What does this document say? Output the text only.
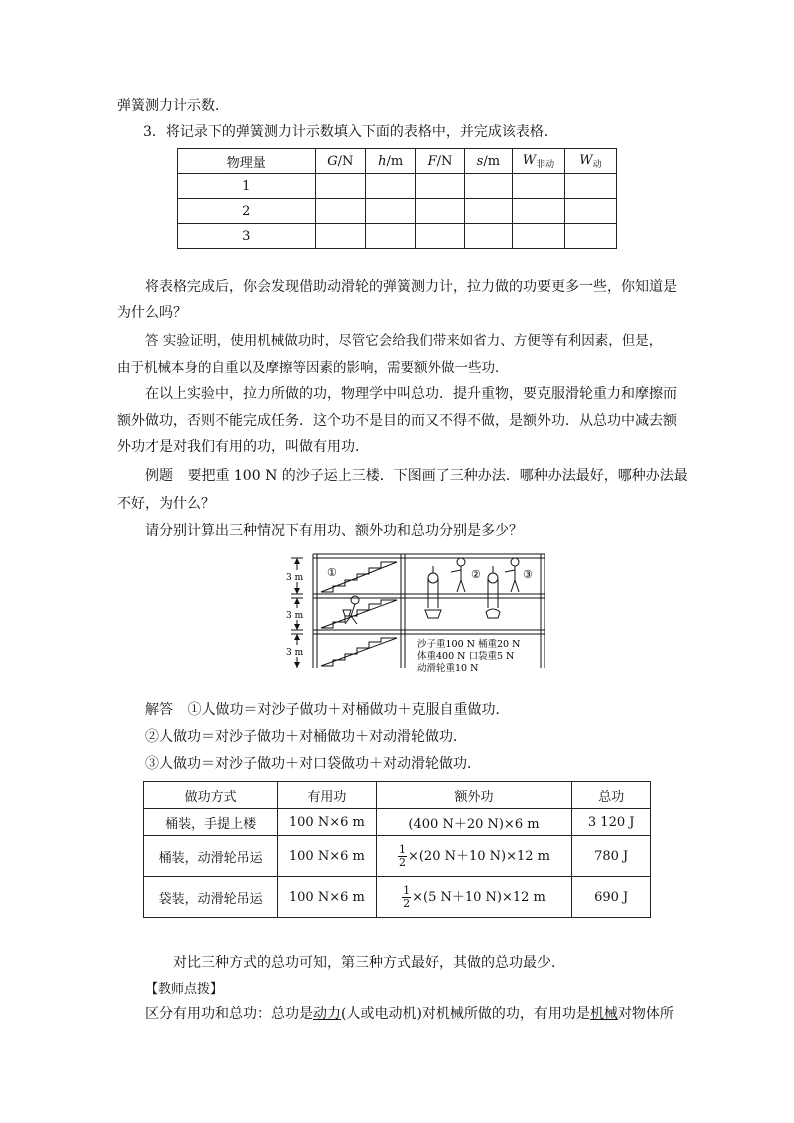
弹簧测力计示数．
3．将记录下的弹簧测力计示数填入下面的表格中，并完成该表格．
物理量	G/N	h/m	F/N	s/m	$W_{非动}$	$W_动$
1						
2						
3						
将表格完成后，你会发现借助动滑轮的弹簧测力计，拉力做的功要更多一些，你知道是
为什么吗？
答 实验证明，使用机械做功时，尽管它会给我们带来如省力、方便等有利因素，但是，
由于机械本身的自重以及摩擦等因素的影响，需要额外做一些功．
在以上实验中，拉力所做的功，物理学中叫总功．提升重物，要克服滑轮重力和摩擦而
额外做功，否则不能完成任务．这个功不是目的而又不得不做，是额外功．从总功中减去额
外功才是对我们有用的功，叫做有用功．
例题 要把重 100 N 的沙子运上三楼．下图画了三种办法．哪种办法最好，哪种办法最
不好，为什么？
请分别计算出三种情况下有用功、额外功和总功分别是多少？
3 m
3 m
3 m
①	②	③
沙子重100 N 桶重20 N
体重400 N 口袋重5 N
动滑轮重10 N
解答 ①人做功＝对沙子做功＋对桶做功＋克服自重做功．
②人做功＝对沙子做功＋对桶做功＋对动滑轮做功．
③人做功＝对沙子做功＋对口袋做功＋对动滑轮做功．
做功方式	有用功	额外功	总功
桶装，手提上楼	100 N×6 m	(400 N＋20 N)×6 m	3 120 J
桶装，动滑轮吊运	100 N×6 m	$\frac{1}{2} \times(20$ N＋10 N)×12 m	780 J
袋装，动滑轮吊运	100 N×6 m	$\frac{1}{2} \times(5$ N＋10 N)×12 m	690 J
对比三种方式的总功可知，第三种方式最好，其做的总功最少．
【教师点拨】
区分有用功和总功：总功是动力(人或电动机)对机械所做的功，有用功是机械对物体所
